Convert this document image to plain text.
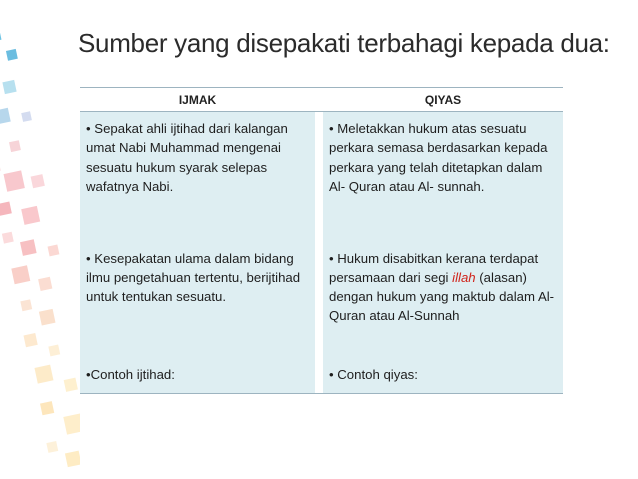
Sumber yang disepakati terbahagi kepada dua:
IJMAK		QIYAS
• Sepakat ahli ijtihad dari kalangan umat Nabi Muhammad mengenai sesuatu hukum syarak selepas wafatnya Nabi.		• Meletakkan hukum atas sesuatu perkara semasa berdasarkan kepada perkara yang telah ditetapkan dalam Al- Quran atau Al- sunnah.
• Kesepakatan ulama dalam bidang ilmu pengetahuan tertentu, berijtihad untuk tentukan sesuatu.		• Hukum disabitkan kerana terdapat persamaan dari segi illah (alasan) dengan hukum yang maktub dalam Al-Quran atau Al-Sunnah
•Contoh ijtihad:		• Contoh qiyas:
